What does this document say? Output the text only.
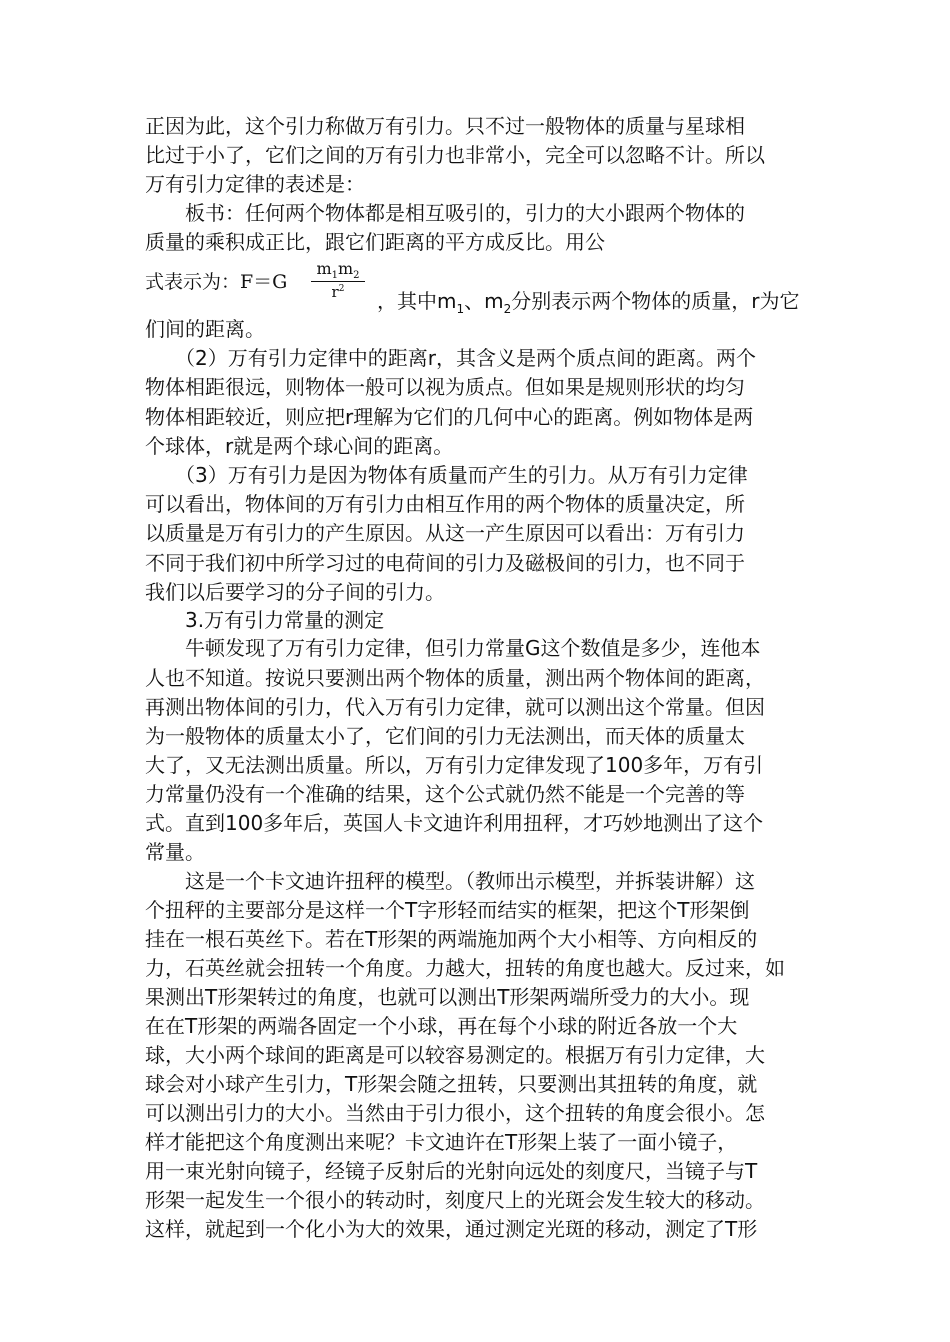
正因为此，这个引力称做万有引力。只不过一般物体的质量与星球相
比过于小了，它们之间的万有引力也非常小，完全可以忽略不计。所以
万有引力定律的表述是：
　　板书：任何两个物体都是相互吸引的，引力的大小跟两个物体的
质量的乘积成正比，跟它们距离的平方成反比。用公
式表示为：F＝G
$m_1m_2$
$r^2$	，其中$m_1$、$m_2$分别表示两个物体的质量，r为它
们间的距离。
　　（2）万有引力定律中的距离r，其含义是两个质点间的距离。两个
物体相距很远，则物体一般可以视为质点。但如果是规则形状的均匀
物体相距较近，则应把r理解为它们的几何中心的距离。例如物体是两
个球体，r就是两个球心间的距离。
　　（3）万有引力是因为物体有质量而产生的引力。从万有引力定律
可以看出，物体间的万有引力由相互作用的两个物体的质量决定，所
以质量是万有引力的产生原因。从这一产生原因可以看出：万有引力
不同于我们初中所学习过的电荷间的引力及磁极间的引力，也不同于
我们以后要学习的分子间的引力。
　　3.万有引力常量的测定
　　牛顿发现了万有引力定律，但引力常量G这个数值是多少，连他本
人也不知道。按说只要测出两个物体的质量，测出两个物体间的距离，
再测出物体间的引力，代入万有引力定律，就可以测出这个常量。但因
为一般物体的质量太小了，它们间的引力无法测出，而天体的质量太
大了，又无法测出质量。所以，万有引力定律发现了100多年，万有引
力常量仍没有一个准确的结果，这个公式就仍然不能是一个完善的等
式。直到100多年后，英国人卡文迪许利用扭秤，才巧妙地测出了这个
常量。
　　这是一个卡文迪许扭秤的模型。（教师出示模型，并拆装讲解）这
个扭秤的主要部分是这样一个T字形轻而结实的框架，把这个T形架倒
挂在一根石英丝下。若在T形架的两端施加两个大小相等、方向相反的
力，石英丝就会扭转一个角度。力越大，扭转的角度也越大。反过来，如
果测出T形架转过的角度，也就可以测出T形架两端所受力的大小。现
在在T形架的两端各固定一个小球，再在每个小球的附近各放一个大
球，大小两个球间的距离是可以较容易测定的。根据万有引力定律，大
球会对小球产生引力，T形架会随之扭转，只要测出其扭转的角度，就
可以测出引力的大小。当然由于引力很小，这个扭转的角度会很小。怎
样才能把这个角度测出来呢？卡文迪许在T形架上装了一面小镜子，
用一束光射向镜子，经镜子反射后的光射向远处的刻度尺，当镜子与T
形架一起发生一个很小的转动时，刻度尺上的光斑会发生较大的移动。
这样，就起到一个化小为大的效果，通过测定光斑的移动，测定了T形
